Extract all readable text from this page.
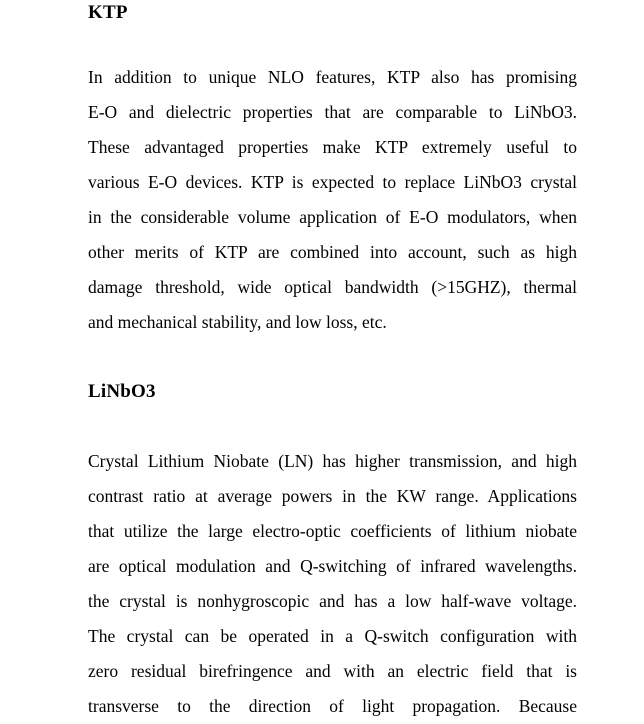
KTP
In addition to unique NLO features, KTP also has promising
E-O and dielectric properties that are comparable to LiNbO3.
These advantaged properties make KTP extremely useful to
various E-O devices. KTP is expected to replace LiNbO3 crystal
in the considerable volume application of E-O modulators, when
other merits of KTP are combined into account, such as high
damage threshold, wide optical bandwidth (>15GHZ), thermal
and mechanical stability, and low loss, etc.
LiNbO3
Crystal Lithium Niobate (LN) has higher transmission, and high
contrast ratio at average powers in the KW range. Applications
that utilize the large electro-optic coefficients of lithium niobate
are optical modulation and Q-switching of infrared wavelengths.
the crystal is nonhygroscopic and has a low half-wave voltage.
The crystal can be operated in a Q-switch configuration with
zero residual birefringence and with an electric field that is
transverse to the direction of light propagation. Because
